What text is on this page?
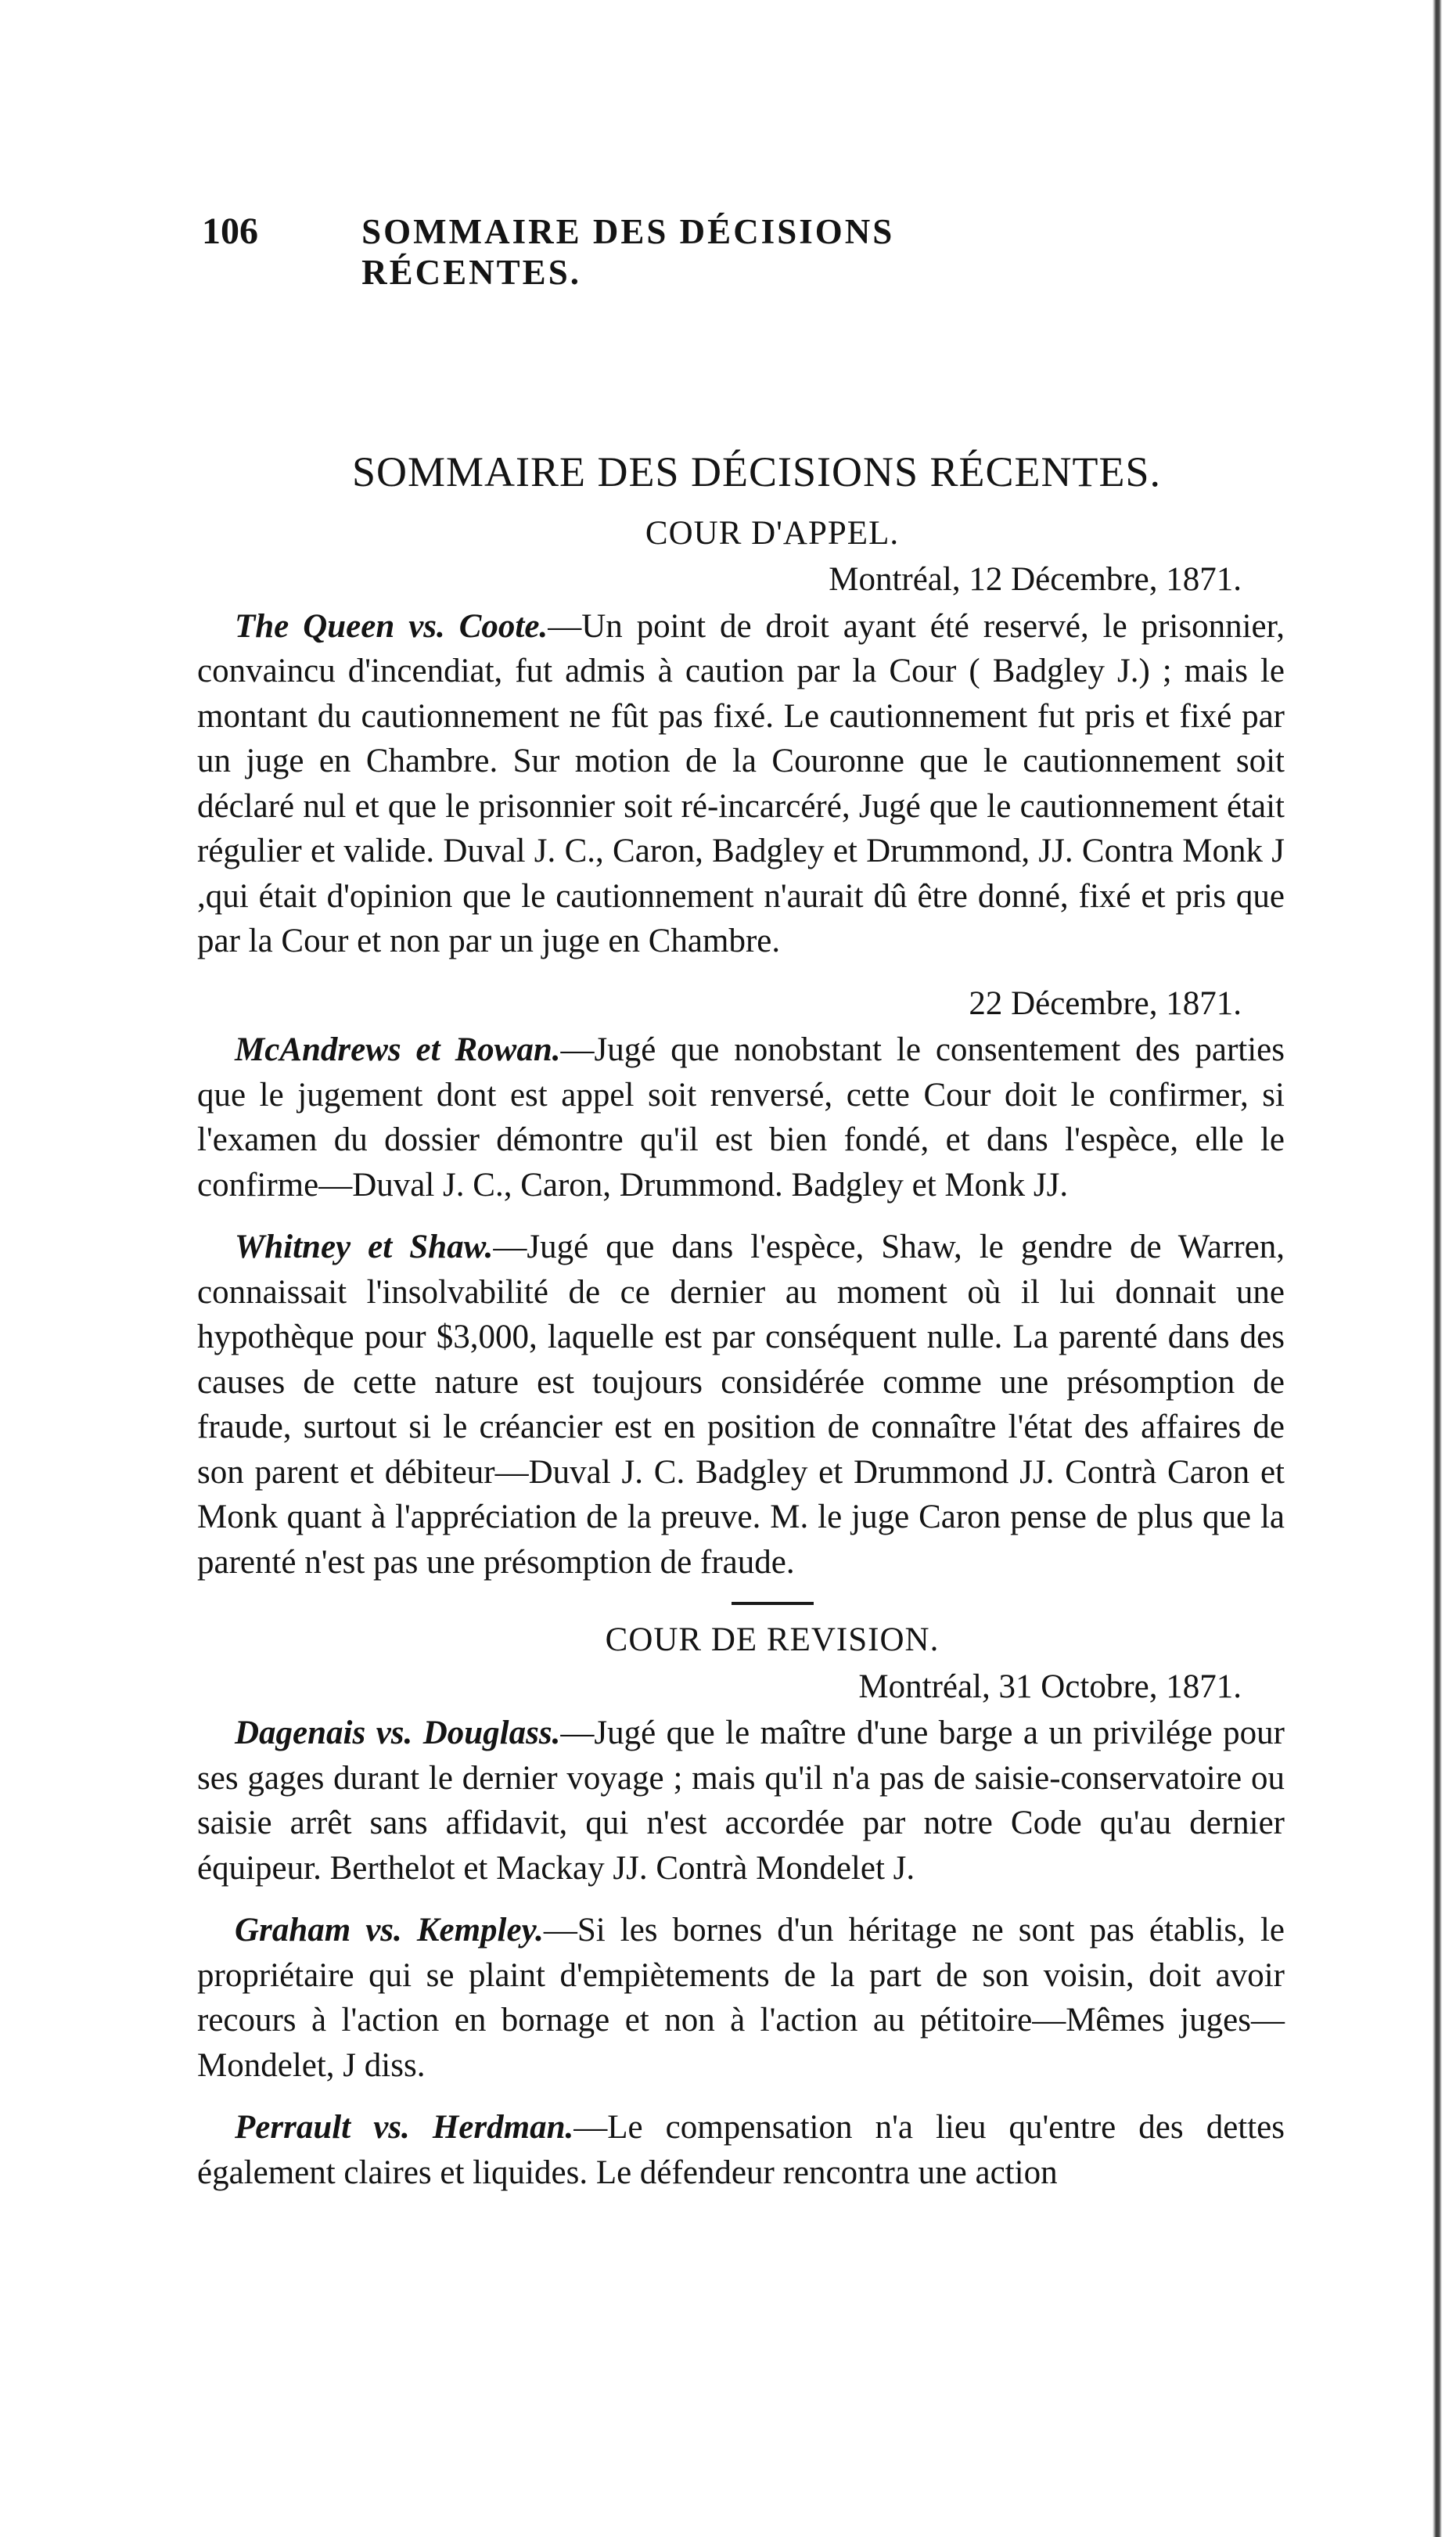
106	SOMMAIRE DES DÉCISIONS RÉCENTES.
SOMMAIRE DES DÉCISIONS RÉCENTES.
COUR D'APPEL.

Montréal, 12 Décembre, 1871.

The Queen vs. Coote.—Un point de droit ayant été reservé, le prisonnier, convaincu d'incendiat, fut admis à caution par la Cour ( Badgley J.) ; mais le montant du cautionnement ne fût pas fixé. Le cautionnement fut pris et fixé par un juge en Chambre. Sur motion de la Couronne que le cautionnement soit déclaré nul et que le prisonnier soit ré-incarcéré, Jugé que le cautionnement était régulier et valide. Duval J. C., Caron, Badgley et Drummond, JJ. Contra Monk J ,qui était d'opinion que le cautionnement n'aurait dû être donné, fixé et pris que par la Cour et non par un juge en Chambre.

22 Décembre, 1871.

McAndrews et Rowan.—Jugé que nonobstant le consentement des parties que le jugement dont est appel soit renversé, cette Cour doit le confirmer, si l'examen du dossier démontre qu'il est bien fondé, et dans l'espèce, elle le confirme—Duval J. C., Caron, Drummond. Badgley et Monk JJ.

Whitney et Shaw.—Jugé que dans l'espèce, Shaw, le gendre de Warren, connaissait l'insolvabilité de ce dernier au moment où il lui donnait une hypothèque pour $3,000, laquelle est par conséquent nulle. La parenté dans des causes de cette nature est toujours considérée comme une présomption de fraude, surtout si le créancier est en position de connaître l'état des affaires de son parent et débiteur—Duval J. C. Badgley et Drummond JJ. Contrà Caron et Monk quant à l'appréciation de la preuve. M. le juge Caron pense de plus que la parenté n'est pas une présomption de fraude.

COUR DE REVISION.

Montréal, 31 Octobre, 1871.

Dagenais vs. Douglass.—Jugé que le maître d'une barge a un privilége pour ses gages durant le dernier voyage ; mais qu'il n'a pas de saisie-conservatoire ou saisie arrêt sans affidavit, qui n'est accordée par notre Code qu'au dernier équipeur. Berthelot et Mackay JJ. Contrà Mondelet J.

Graham vs. Kempley.—Si les bornes d'un héritage ne sont pas établis, le propriétaire qui se plaint d'empiètements de la part de son voisin, doit avoir recours à l'action en bornage et non à l'action au pétitoire—Mêmes juges—Mondelet, J diss.

Perrault vs. Herdman.—Le compensation n'a lieu qu'entre des dettes également claires et liquides. Le défendeur rencontra une action
